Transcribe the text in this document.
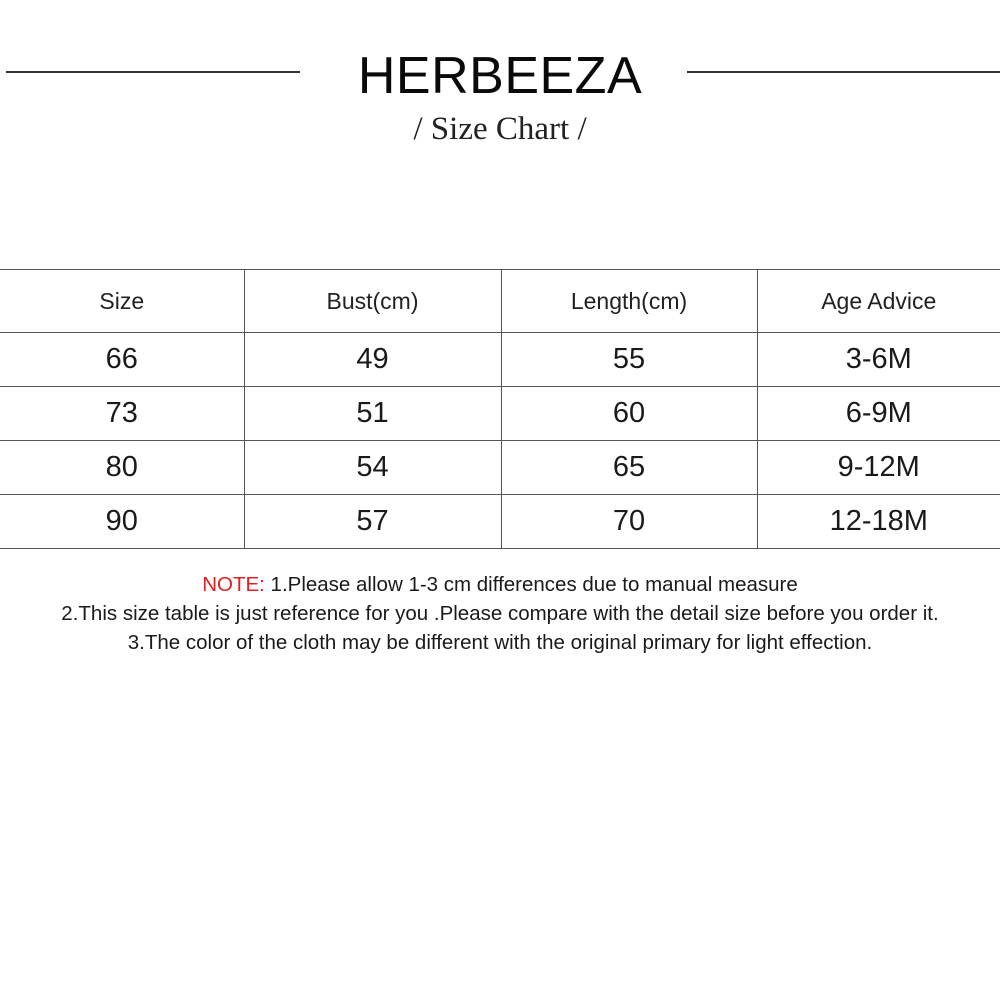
HERBEEZA
/ Size Chart /
Size	Bust(cm)	Length(cm)	Age Advice
66	49	55	3-6M
73	51	60	6-9M
80	54	65	9-12M
90	57	70	12-18M
NOTE: 1.Please allow 1-3 cm differences due to manual measure
2.This size table is just reference for you .Please compare with the detail size before you order it.
3.The color of the cloth may be different with the original primary for light effection.
